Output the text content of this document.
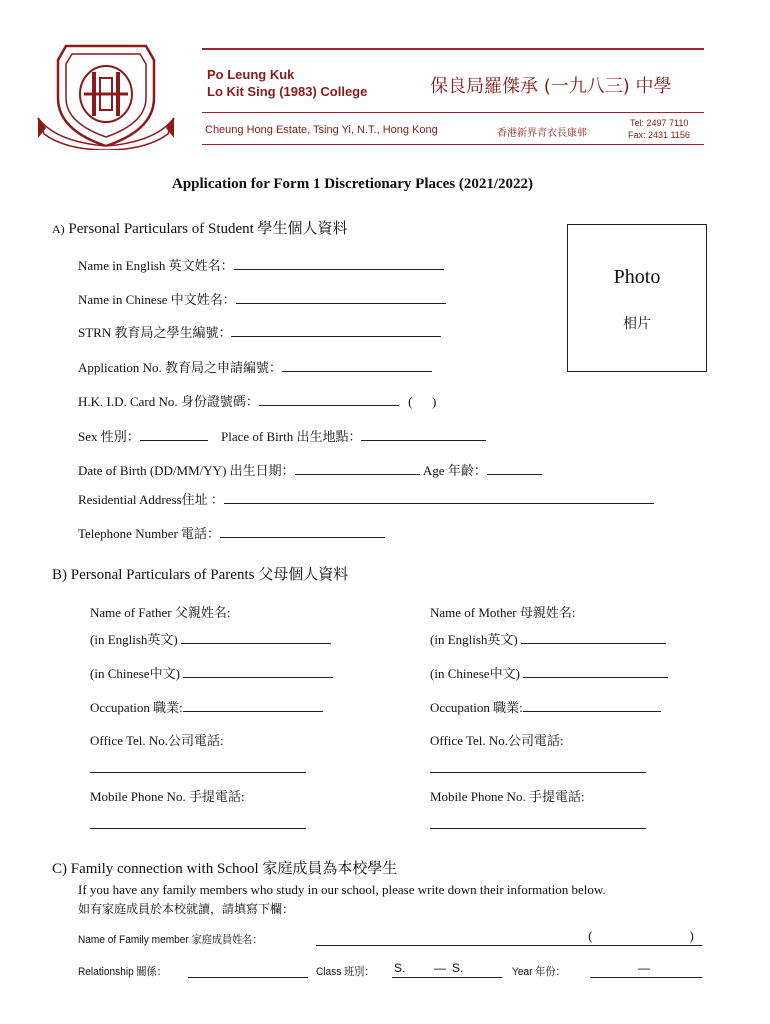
Po Leung Kuk
Lo Kit Sing (1983) College	保良局羅傑承 (一九八三) 中學
Cheung Hong Estate, Tsing Yi, N.T., Hong Kong	香港新界青衣長康邨
Tel: 2497 7110
Fax: 2431 1156
Application for Form 1 Discretionary Places (2021/2022)
A) Personal Particulars of Student 學生個人資料
Photo
相片
Name in English 英文姓名：
Name in Chinese 中文姓名：
STRN 教育局之學生編號：
Application No. 教育局之申請編號：
H.K. I.D. Card No. 身份證號碼：	(      )
Sex 性別：	Place of Birth 出生地點：
Date of Birth (DD/MM/YY) 出生日期：	Age 年齡：
Residential Address住址 ：
Telephone Number 電話：
B) Personal Particulars of Parents 父母個人資料
Name of Father 父親姓名:
(in English英文)
(in Chinese中文)
Occupation 職業:
Office Tel. No.公司電話:
Mobile Phone No. 手提電話:
Name of Mother 母親姓名:
(in English英文)
(in Chinese中文)
Occupation 職業:
Office Tel. No.公司電話:
Mobile Phone No. 手提電話:
C) Family connection with School 家庭成員為本校學生
If you have any family members who study in our school, please write down their information below.
如有家庭成員於本校就讀，請填寫下欄：
Name of Family member 家庭成員姓名：	(	)
Relationship 關係：	Class 班別：	S. — S.	Year 年份：	—
